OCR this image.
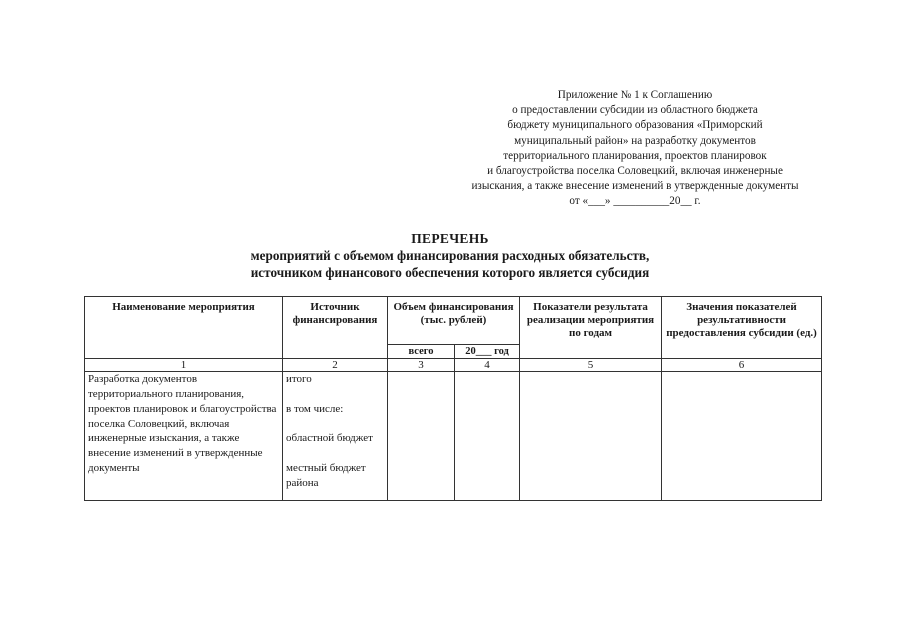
Приложение № 1 к Соглашению
о предоставлении субсидии из областного бюджета
бюджету муниципального образования «Приморский
муниципальный район» на разработку документов
территориального планирования, проектов планировок
и благоустройства поселка Соловецкий, включая инженерные
изыскания, а также внесение изменений в утвержденные документы
от «___» __________20__ г.
ПЕРЕЧЕНЬ
мероприятий с объемом финансирования расходных обязательств,
источником финансового обеспечения которого является субсидия
Наименование мероприятия	Источник финансирования	Объем финансирования (тыс. рублей)		Показатели результата реализации мероприятия по годам	Значения показателей результативности предоставления субсидии (ед.)
		всего	20___ год		
1	2	3	4	5	6
Разработка документов территориального планирования, проектов планировок и благоустройства поселка Соловецкий, включая инженерные изыскания, а также внесение изменений в утвержденные документы	итого
в том числе:
областной бюджет
местный бюджет района				
